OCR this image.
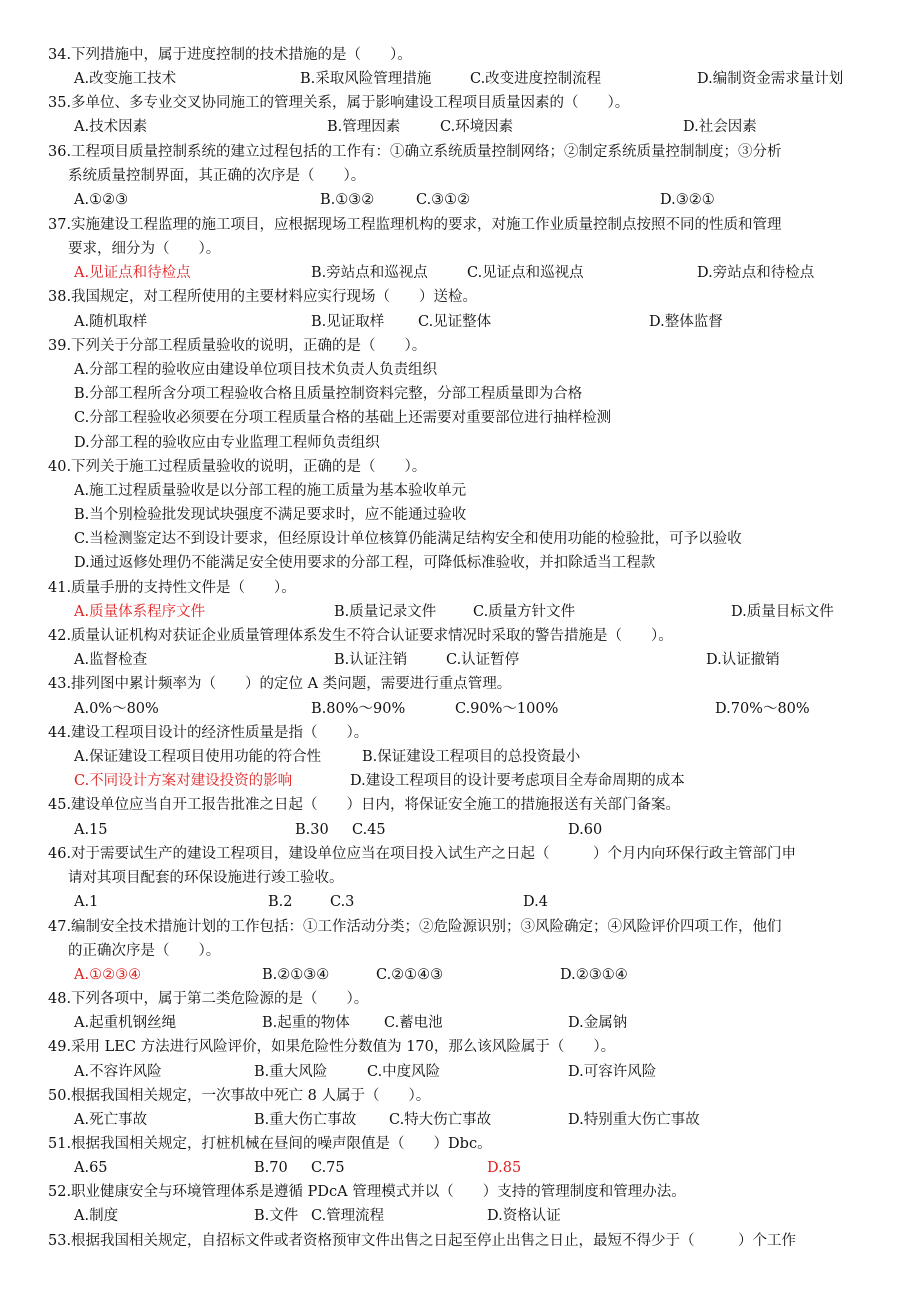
34.下列措施中，属于进度控制的技术措施的是（　　）。
A.改变施工技术	B.采取风险管理措施	C.改变进度控制流程	D.编制资金需求量计划
35.多单位、多专业交叉协同施工的管理关系，属于影响建设工程项目质量因素的（　　）。
A.技术因素	B.管理因素	C.环境因素	D.社会因素
36.工程项目质量控制系统的建立过程包括的工作有：①确立系统质量控制网络；②制定系统质量控制制度；③分析
系统质量控制界面，其正确的次序是（　　）。
A.①②③	B.①③②	C.③①②	D.③②①
37.实施建设工程监理的施工项目，应根据现场工程监理机构的要求，对施工作业质量控制点按照不同的性质和管理
要求，细分为（　　）。
A.见证点和待检点	B.旁站点和巡视点	C.见证点和巡视点	D.旁站点和待检点
38.我国规定，对工程所使用的主要材料应实行现场（　　）送检。
A.随机取样	B.见证取样 C.见证整体	D.整体监督
39.下列关于分部工程质量验收的说明，正确的是（　　）。
A.分部工程的验收应由建设单位项目技术负责人负责组织
B.分部工程所含分项工程验收合格且质量控制资料完整，分部工程质量即为合格
C.分部工程验收必须要在分项工程质量合格的基础上还需要对重要部位进行抽样检测
D.分部工程的验收应由专业监理工程师负责组织
40.下列关于施工过程质量验收的说明，正确的是（　　）。
A.施工过程质量验收是以分部工程的施工质量为基本验收单元
B.当个别检验批发现试块强度不满足要求时，应不能通过验收
C.当检测鉴定达不到设计要求，但经原设计单位核算仍能满足结构安全和使用功能的检验批，可予以验收
D.通过返修处理仍不能满足安全使用要求的分部工程，可降低标准验收，并扣除适当工程款
41.质量手册的支持性文件是（　　）。
A.质量体系程序文件	B.质量记录文件	C.质量方针文件	D.质量目标文件
42.质量认证机构对获证企业质量管理体系发生不符合认证要求情况时采取的警告措施是（　　）。
A.监督检查	B.认证注销	C.认证暂停	D.认证撤销
43.排列图中累计频率为（　　）的定位 A 类问题，需要进行重点管理。
A.0%～80%	B.80%～90%	C.90%～100%	D.70%～80%
44.建设工程项目设计的经济性质量是指（　　）。
A.保证建设工程项目使用功能的符合性	B.保证建设工程项目的总投资最小
C.不同设计方案对建设投资的影响	D.建设工程项目的设计要考虑项目全寿命周期的成本
45.建设单位应当自开工报告批准之日起（　　）日内，将保证安全施工的措施报送有关部门备案。
A.15	B.30 C.45	D.60
46.对于需要试生产的建设工程项目，建设单位应当在项目投入试生产之日起（　　　）个月内向环保行政主管部门申
请对其项目配套的环保设施进行竣工验收。
A.1	B.2	C.3	D.4
47.编制安全技术措施计划的工作包括：①工作活动分类；②危险源识别；③风险确定；④风险评价四项工作，他们
的正确次序是（　　）。
A.①②③④	B.②①③④	C.②①④③	D.②③①④
48.下列各项中，属于第二类危险源的是（　　）。
A.起重机钢丝绳	B.起重的物体 C.蓄电池	D.金属钠
49.采用 LEC 方法进行风险评价，如果危险性分数值为 170，那么该风险属于（　　）。
A.不容许风险	B.重大风险	C.中度风险	D.可容许风险
50.根据我国相关规定，一次事故中死亡 8 人属于（　　）。
A.死亡事故	B.重大伤亡事故 C.特大伤亡事故	D.特别重大伤亡事故
51.根据我国相关规定，打桩机械在昼间的噪声限值是（　　）Dbc。
A.65	B.70 C.75	D.85
52.职业健康安全与环境管理体系是遵循 PDcA 管理模式并以（　　）支持的管理制度和管理办法。
A.制度	B.文件 C.管理流程	D.资格认证
53.根据我国相关规定，自招标文件或者资格预审文件出售之日起至停止出售之日止，最短不得少于（　　　）个工作
